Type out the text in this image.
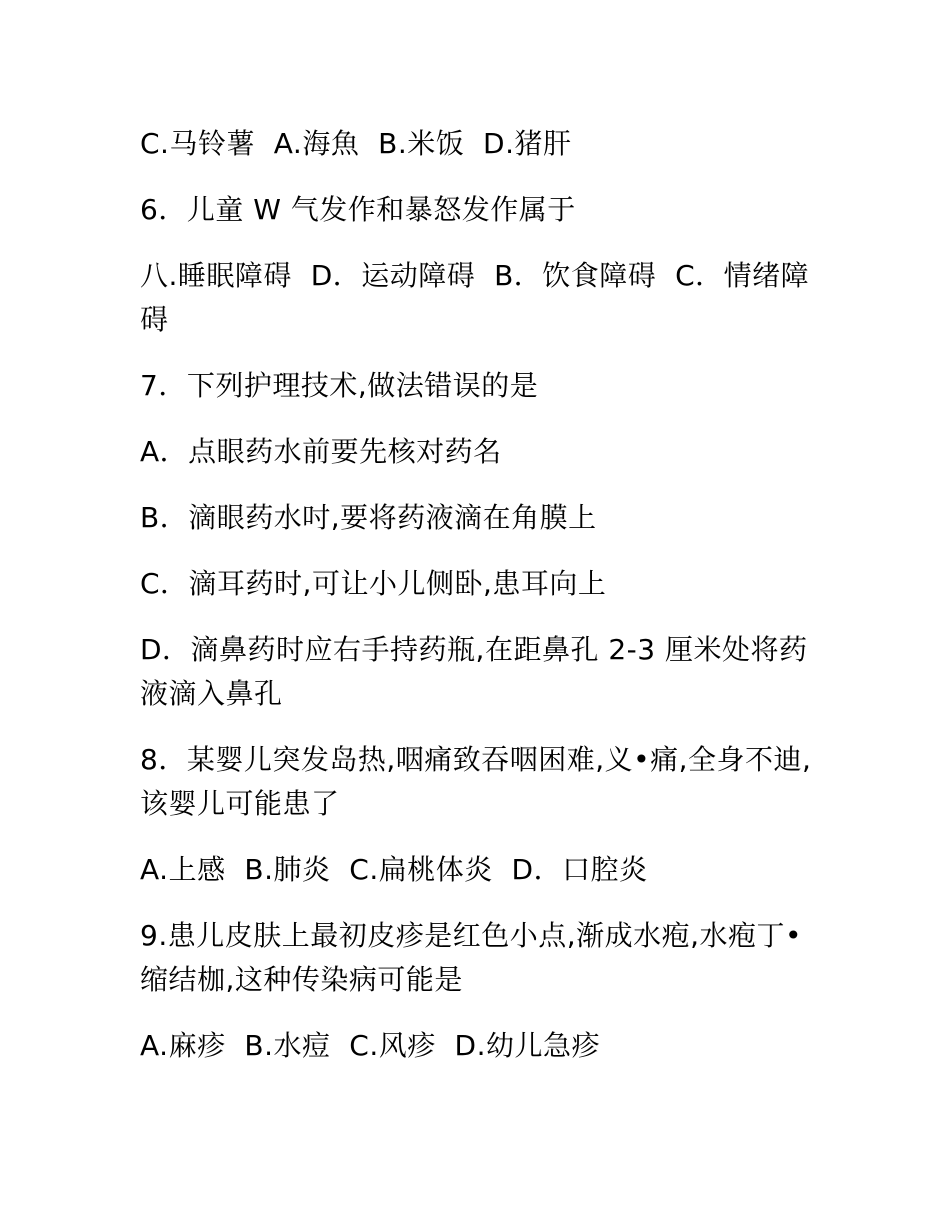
C.马铃薯  A.海魚  B.米饭  D.猪肝

6．儿童 W 气发作和暴怒发作属于

八.睡眠障碍  D．运动障碍  B．饮食障碍  C．情绪障碍

7．下列护理技术,做法错误的是

A．点眼药水前要先核对药名

B．滴眼药水吋,要将药液滴在角膜上

C．滴耳药时,可让小儿侧卧,患耳向上

D．滴鼻药时应右手持药瓶,在距鼻孔 2-3 厘米处将药液滴入鼻孔

8．某婴儿突发岛热,咽痛致吞咽困难,义•痛,全身不迪,该婴儿可能患了

A.上感  B.肺炎  C.扁桃体炎  D．口腔炎

9.患儿皮肤上最初皮疹是红色小点,渐成水疱,水疱丁•缩结枷,这种传染病可能是

A.麻疹  B.水痘  C.风疹  D.幼儿急疹
